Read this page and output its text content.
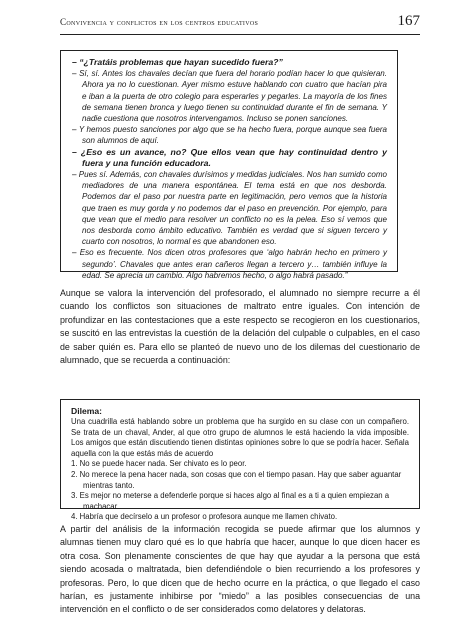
Convivencia y conflictos en los centros educativos	167

– “¿Tratáis problemas que hayan sucedido fuera?”

– Sí, sí. Antes los chavales decían que fuera del horario podían hacer lo que quisieran. Ahora ya no lo cuestionan. Ayer mismo estuve hablando con cuatro que hacían pira e iban a la puerta de otro colegio para esperarles y pegarles. La mayoría de los fines de semana tienen bronca y luego tienen su continuidad durante el fin de semana. Y nadie cuestiona que nosotros intervengamos. Incluso se ponen sanciones.

– Y hemos puesto sanciones por algo que se ha hecho fuera, porque aunque sea fuera son alumnos de aquí.

– ¿Eso es un avance, no? Que ellos vean que hay continuidad dentro y fuera y una función educadora.

– Pues sí. Además, con chavales durísimos y medidas judiciales. Nos han sumido como mediadores de una manera espontánea. El tema está en que nos desborda. Podemos dar el paso por nuestra parte en legitimación, pero vemos que la historia que traen es muy gorda y no podemos dar el paso en prevención. Por ejemplo, para que vean que el medio para resolver un conflicto no es la pelea. Eso sí vemos que nos desborda como ámbito educativo. También es verdad que si siguen tercero y cuarto con nosotros, lo normal es que abandonen eso.

– Eso es frecuente. Nos dicen otros profesores que ‘algo habrán hecho en primero y segundo’. Chavales que antes eran cañeros llegan a tercero y… también influye la edad. Se aprecia un cambio. Algo habremos hecho, o algo habrá pasado.”

Aunque se valora la intervención del profesorado, el alumnado no siempre recurre a él cuando los conflictos son situaciones de maltrato entre iguales. Con intención de profundizar en las contestaciones que a este respecto se recogieron en los cuestionarios, se suscitó en las entrevistas la cuestión de la delación del culpable o culpables, en el caso de saber quién es. Para ello se planteó de nuevo uno de los dilemas del cuestionario de alumnado, que se recuerda a continuación:

Dilema:

Una cuadrilla está hablando sobre un problema que ha surgido en su clase con un compañero. Se trata de un chaval, Ander, al que otro grupo de alumnos le está haciendo la vida imposible. Los amigos que están discutiendo tienen distintas opiniones sobre lo que se podría hacer. Señala aquella con la que estás más de acuerdo

1. No se puede hacer nada. Ser chivato es lo peor.
2. No merece la pena hacer nada, son cosas que con el tiempo pasan. Hay que saber aguantar mientras tanto.
3. Es mejor no meterse a defenderle porque si haces algo al final es a ti a quien empiezan a machacar.
4. Habría que decírselo a un profesor o profesora aunque me llamen chivato.

A partir del análisis de la información recogida se puede afirmar que los alumnos y alumnas tienen muy claro qué es lo que habría que hacer, aunque lo que dicen hacer es otra cosa. Son plenamente conscientes de que hay que ayudar a la persona que está siendo acosada o maltratada, bien defendiéndole o bien recurriendo a los profesores y profesoras. Pero, lo que dicen que de hecho ocurre en la práctica, o que llegado el caso harían, es justamente inhibirse por “miedo” a las posibles consecuencias de una intervención en el conflicto o de ser considerados como delatores y delatoras.
